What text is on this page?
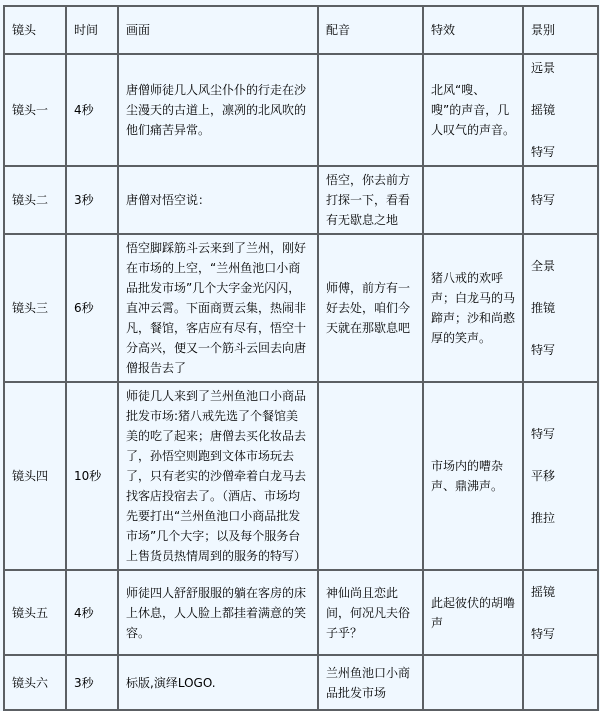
镜头	时间	画面	配音	特效	景别
镜头一	4秒	唐僧师徒几人风尘仆仆的行走在沙尘漫天的古道上，凛冽的北风吹的他们痛苦异常。		北风“嗖、嗖”的声音，几人叹气的声音。	远景
摇镜
特写

镜头二	3秒	唐僧对悟空说：	悟空，你去前方打探一下，看看有无歇息之地		特写

镜头三	6秒	悟空脚踩筋斗云来到了兰州，刚好在市场的上空，“兰州鱼池口小商品批发市场”几个大字金光闪闪，直冲云霄。下面商贾云集，热闹非凡，餐馆，客店应有尽有，悟空十分高兴，便又一个筋斗云回去向唐僧报告去了	师傅，前方有一好去处，咱们今天就在那歇息吧	猪八戒的欢呼声；白龙马的马蹄声；沙和尚憨厚的笑声。	全景
推镜
特写

镜头四	10秒	师徒几人来到了兰州鱼池口小商品批发市场:猪八戒先选了个餐馆美美的吃了起来；唐僧去买化妆品去了，孙悟空则跑到文体市场玩去了，只有老实的沙僧牵着白龙马去找客店投宿去了。（酒店、市场均先要打出“兰州鱼池口小商品批发市场”几个大字；以及每个服务台上售货员热情周到的服务的特写）		市场内的嘈杂声、鼎沸声。	特写
平移
推拉

镜头五	4秒	师徒四人舒舒服服的躺在客房的床上休息，人人脸上都挂着满意的笑容。	神仙尚且恋此间，何况凡夫俗子乎？	此起彼伏的胡噜声	摇镜
特写

镜头六	3秒	标版,演绎LOGO.	兰州鱼池口小商品批发市场		
